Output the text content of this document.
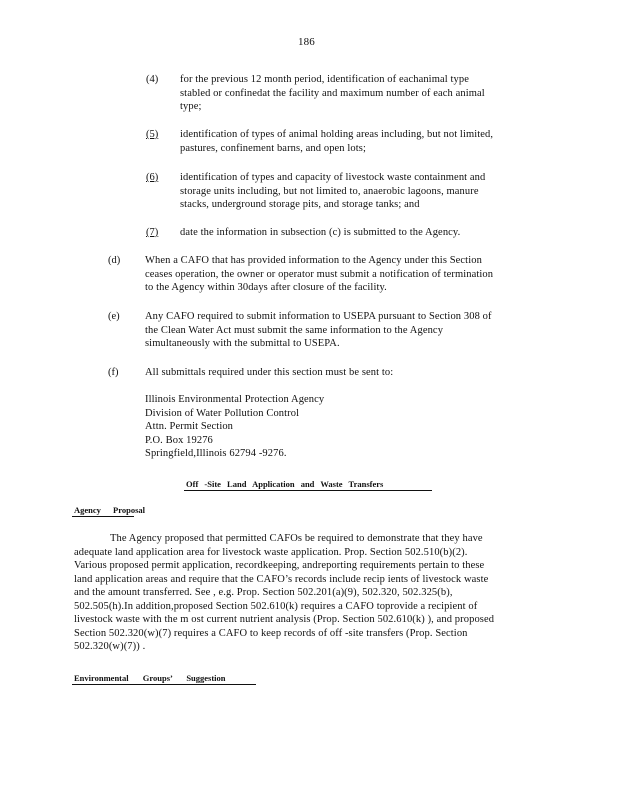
186
(4) for the previous 12 month period, identification of eachanimal type
stabled or confinedat the facility and maximum number of each animal
type;
(5) identification of types of animal holding areas including, but not limited,
pastures, confinement barns, and open lots;
(6) identification of types and capacity of livestock waste containment and
storage units including, but not limited to, anaerobic lagoons, manure
stacks, underground storage pits, and storage tanks; and
(7) date the information in subsection (c) is submitted to the Agency.
(d) When a CAFO that has provided information to the Agency under this Section
ceases operation, the owner or operator must submit a notification of termination
to the Agency within 30days after closure of the facility.
(e) Any CAFO required to submit information to USEPA pursuant to Section 308 of
the Clean Water Act must submit the same information to the Agency
simultaneously with the submittal to USEPA.
(f)	All submittals required under this section must be sent to:
Illinois Environmental Protection Agency
Division of Water Pollution Control
Attn. Permit Section
P.O. Box 19276
Springfield,Illinois 62794 -9276.
Off -Site Land Application and Waste Transfers
Agency Proposal
The Agency proposed that permitted CAFOs be required to demonstrate that they have
adequate land application area for livestock waste application. Prop. Section 502.510(b)(2).
Various proposed permit application, recordkeeping, andreporting requirements pertain to these
land application areas and require that the CAFO’s records include recip ients of livestock waste
and the amount transferred. See , e.g. Prop. Section 502.201(a)(9), 502.320, 502.325(b),
502.505(h).In addition,proposed Section 502.610(k) requires a CAFO toprovide a recipient of
livestock waste with the m ost current nutrient analysis (Prop. Section 502.610(k) ), and proposed
Section 502.320(w)(7) requires a CAFO to keep records of off -site transfers (Prop. Section
502.320(w)(7)) .
Environmental Groups’ Suggestion
